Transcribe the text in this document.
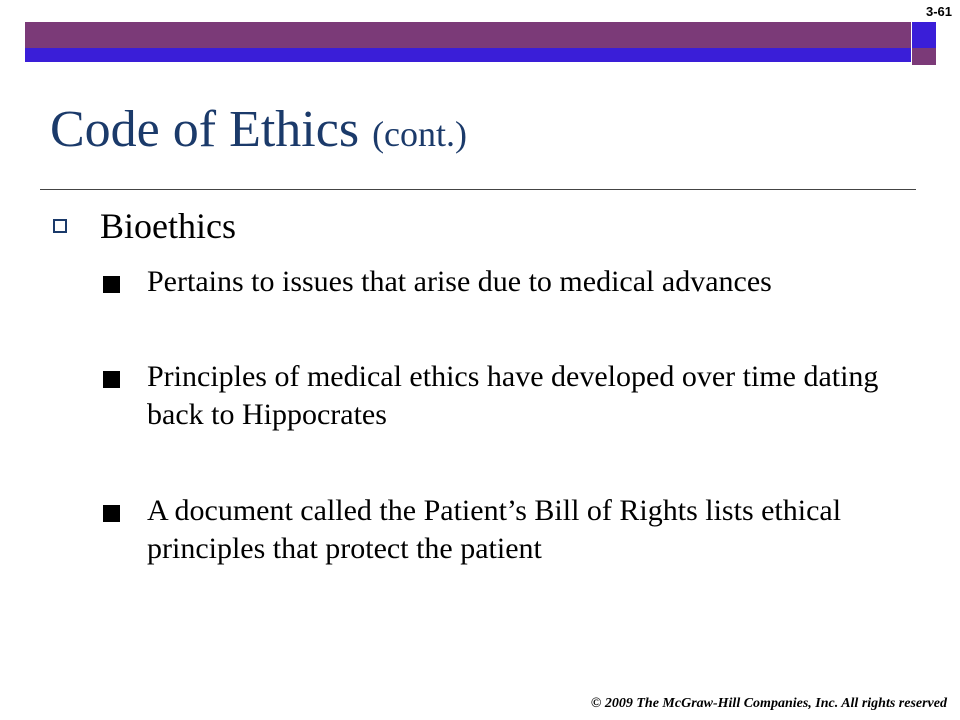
3-61
Code of Ethics (cont.)
Bioethics
Pertains to issues that arise due to medical advances
Principles of medical ethics have developed over time dating back to Hippocrates
A document called the Patient’s Bill of Rights lists ethical principles that protect the patient
© 2009 The McGraw-Hill Companies, Inc. All rights reserved
